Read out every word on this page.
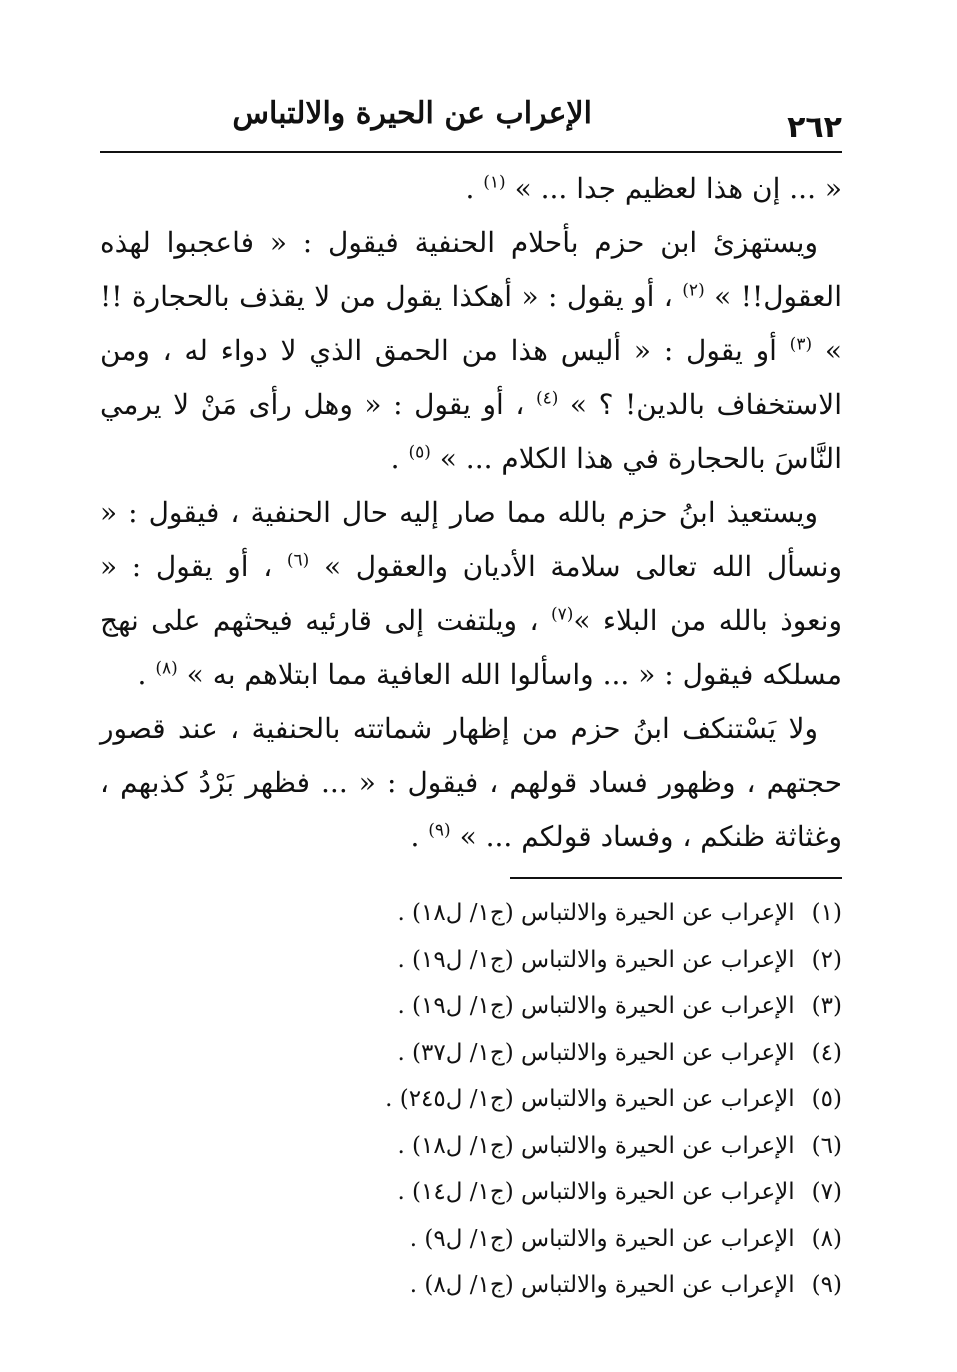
٢٦٢
الإعراب عن الحيرة والالتباس

« ... إن هذا لعظيم جدا ... » $^{(١)}$ .

ويستهزئ ابن حزم بأحلام الحنفية فيقول : « فاعجبوا لهذه العقول!! » $^{(٢)}$ ، أو يقول : « أهكذا يقول من لا يقذف بالحجارة !! » $^{(٣)}$ أو يقول : « أليس هذا من الحمق الذي لا دواء له ، ومن الاستخفاف بالدين! ؟ » $^{(٤)}$ ، أو يقول : « وهل رأى مَنْ لا يرمي النَّاسَ بالحجارة في هذا الكلام ... » $^{(٥)}$ .

ويستعيذ ابنُ حزم بالله مما صار إليه حال الحنفية ، فيقول : « ونسأل الله تعالى سلامة الأديان والعقول » $^{(٦)}$ ، أو يقول : « ونعوذ بالله من البلاء »$^{(٧)}$ ، ويلتفت إلى قارئيه فيحثهم على نهج مسلكه فيقول : « ... واسألوا الله العافية مما ابتلاهم به » $^{(٨)}$ .

ولا يَسْتنكف ابنُ حزم من إظهار شماتته بالحنفية ، عند قصور حجتهم ، وظهور فساد قولهم ، فيقول : « ... فظهر بَرْدُ كذبهم ، وغثاثة ظنكم ، وفساد قولكم ... » $^{(٩)}$ .

(١) الإعراب عن الحيرة والالتباس (ج١/ ل١٨) .
(٢) الإعراب عن الحيرة والالتباس (ج١/ ل١٩) .
(٣) الإعراب عن الحيرة والالتباس (ج١/ ل١٩) .
(٤) الإعراب عن الحيرة والالتباس (ج١/ ل٣٧) .
(٥) الإعراب عن الحيرة والالتباس (ج١/ ل٢٤٥) .
(٦) الإعراب عن الحيرة والالتباس (ج١/ ل١٨) .
(٧) الإعراب عن الحيرة والالتباس (ج١/ ل١٤) .
(٨) الإعراب عن الحيرة والالتباس (ج١/ ل٩) .
(٩) الإعراب عن الحيرة والالتباس (ج١/ ل٨) .
